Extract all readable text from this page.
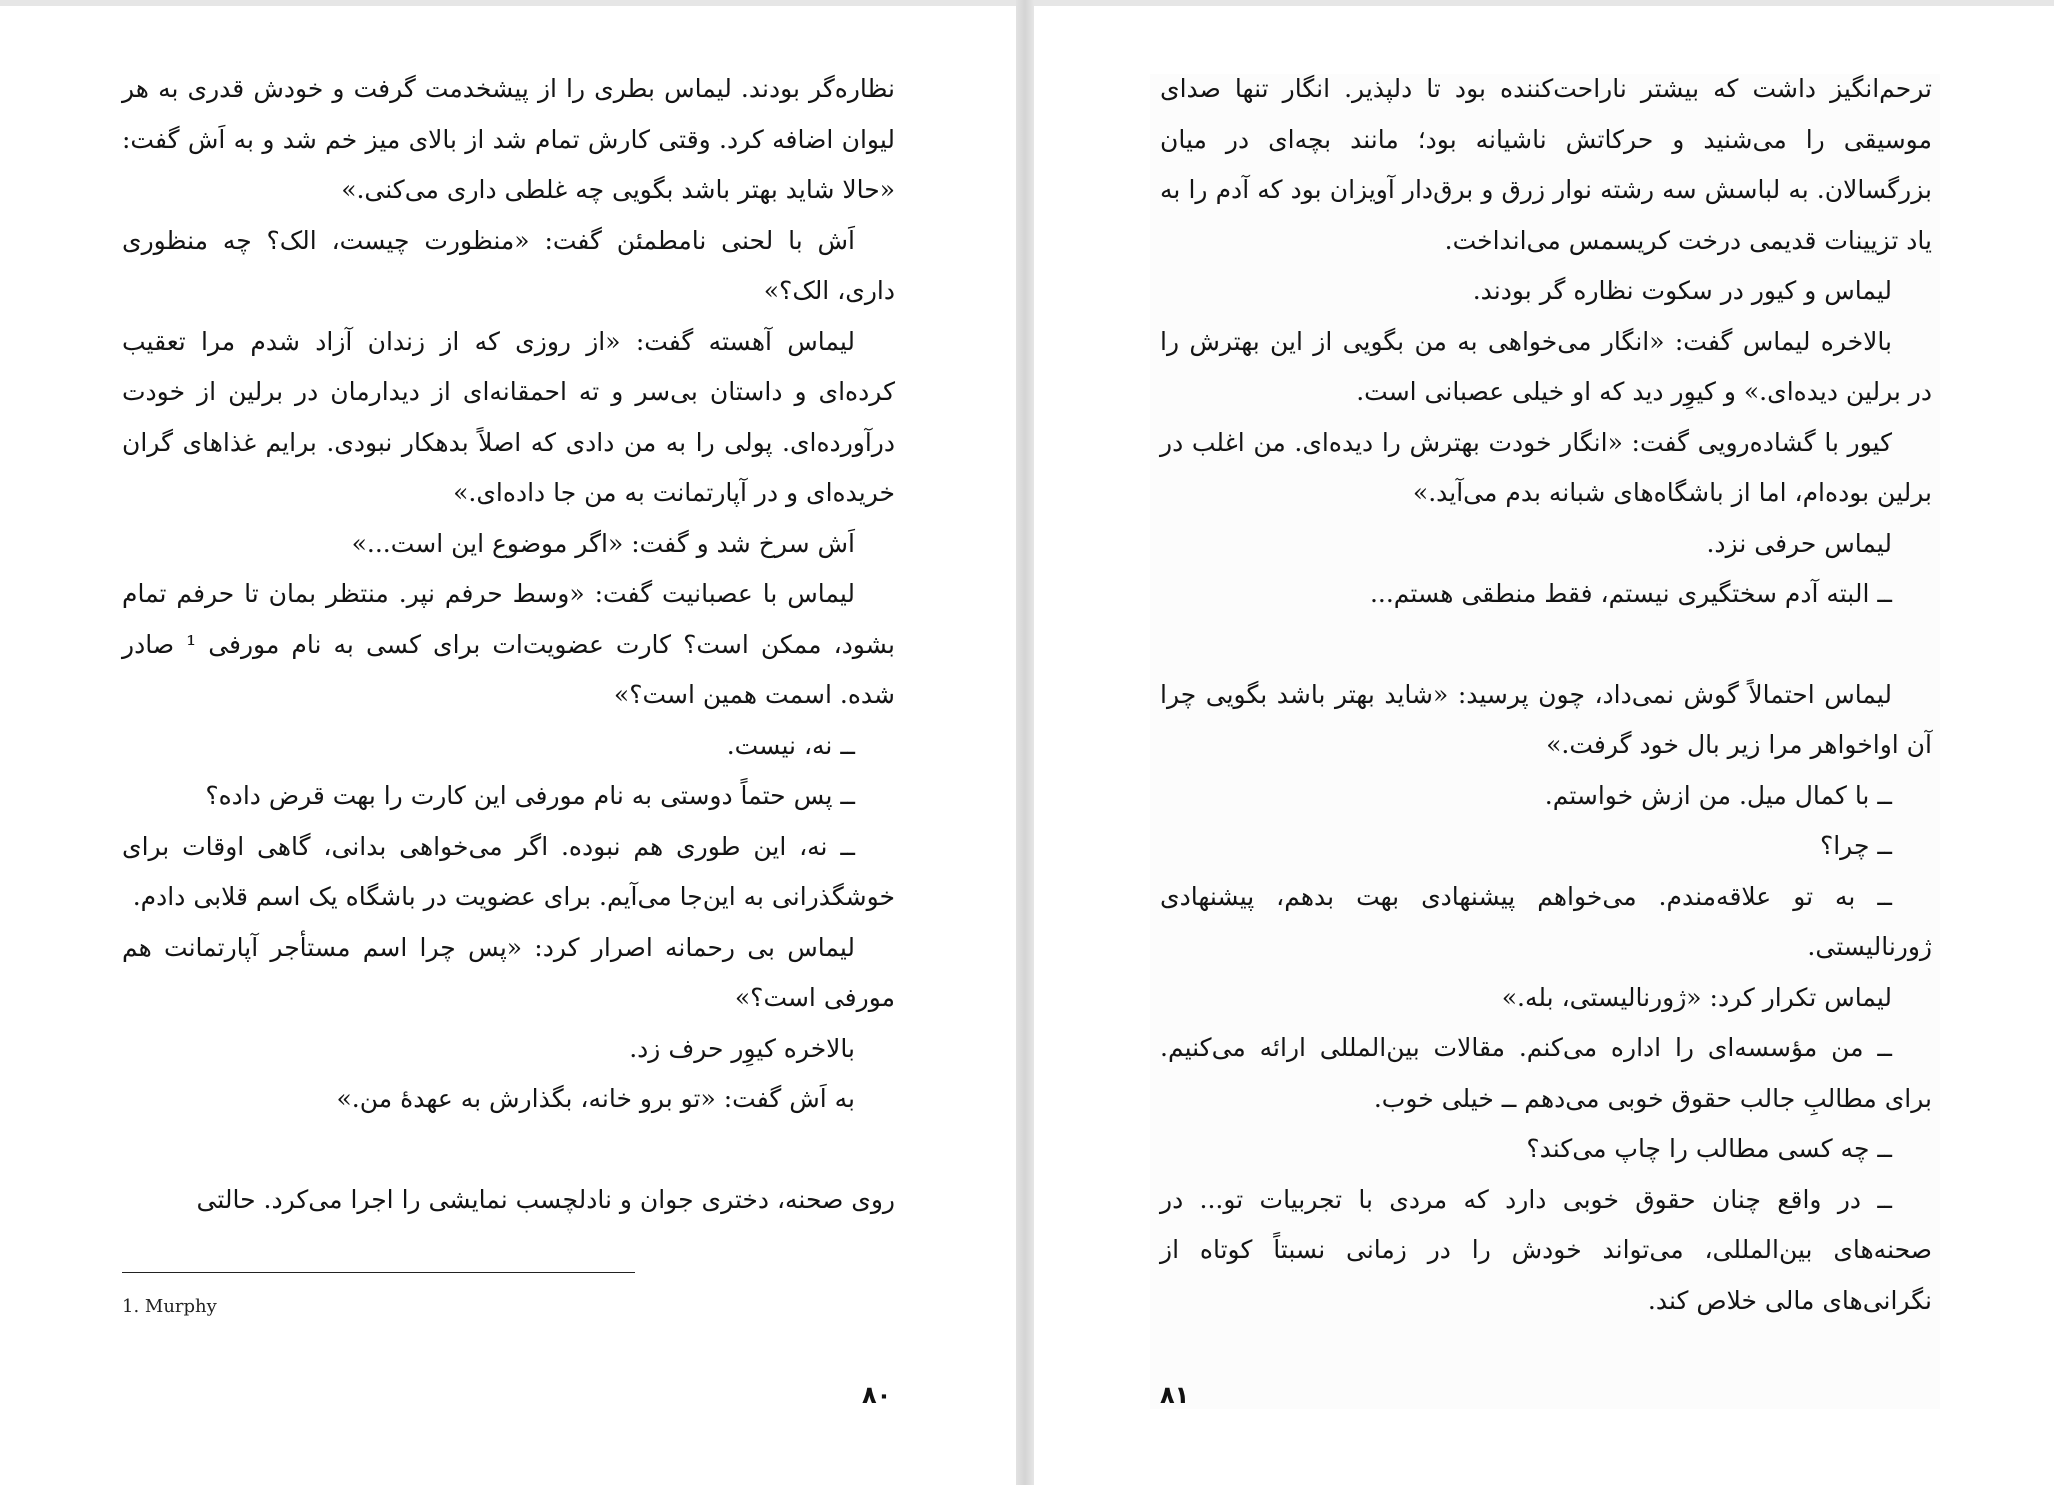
نظاره‌گر بودند. لیماس بطری را از پیشخدمت گرفت و خودش قدری به هر لیوان اضافه کرد. وقتی کارش تمام شد از بالای میز خم شد و به اَش گفت: «حالا شاید بهتر باشد بگویی چه غلطی داری می‌کنی.»

اَش با لحنی نامطمئن گفت: «منظورت چیست، الک؟ چه منظوری داری، الک؟»

لیماس آهسته گفت: «از روزی که از زندان آزاد شدم مرا تعقیب کرده‌ای و داستان بی‌سر و ته احمقانه‌ای از دیدارمان در برلین از خودت درآورده‌ای. پولی را به من دادی که اصلاً بدهکار نبودی. برایم غذاهای گران خریده‌ای و در آپارتمانت به من جا داده‌ای.»

اَش سرخ شد و گفت: «اگر موضوع این است...»

لیماس با عصبانیت گفت: «وسط حرفم نپر. منتظر بمان تا حرفم تمام بشود، ممکن است؟ کارت عضویت‌ات برای کسی به نام مورفی ¹ صادر شده. اسمت همین است؟»

ــ نه، نیست.

ــ پس حتماً دوستی به نام مورفی این کارت را بهت قرض داده؟

ــ نه، این طوری هم نبوده. اگر می‌خواهی بدانی، گاهی اوقات برای خوشگذرانی به این‌جا می‌آیم. برای عضویت در باشگاه یک اسم قلابی دادم.

لیماس بی رحمانه اصرار کرد: «پس چرا اسم مستأجر آپارتمانت هم مورفی است؟»

بالاخره کیوِر حرف زد.

به اَش گفت: «تو برو خانه، بگذارش به عهدهٔ من.»

روی صحنه، دختری جوان و نادلچسب نمایشی را اجرا می‌کرد. حالتی

1. Murphy
۸۰

ترحم‌انگیز داشت که بیشتر ناراحت‌کننده بود تا دلپذیر. انگار تنها صدای موسیقی را می‌شنید و حرکاتش ناشیانه بود؛ مانند بچه‌ای در میان بزرگسالان. به لباسش سه رشته نوار زرق و برق‌دار آویزان بود که آدم را به یاد تزیینات قدیمی درخت کریسمس می‌انداخت.

لیماس و کیور در سکوت نظاره گر بودند.

بالاخره لیماس گفت: «انگار می‌خواهی به من بگویی از این بهترش را در برلین دیده‌ای.» و کیوِر دید که او خیلی عصبانی است.

کیور با گشاده‌رویی گفت: «انگار خودت بهترش را دیده‌ای. من اغلب در برلین بوده‌ام، اما از باشگاه‌های شبانه بدم می‌آید.»

لیماس حرفی نزد.

ــ البته آدم سختگیری نیستم، فقط منطقی هستم...

لیماس احتمالاً گوش نمی‌داد، چون پرسید: «شاید بهتر باشد بگویی چرا آن اواخواهر مرا زیر بال خود گرفت.»

ــ با کمال میل. من ازش خواستم.

ــ چرا؟

ــ به تو علاقه‌مندم. می‌خواهم پیشنهادی بهت بدهم، پیشنهادی ژورنالیستی.

لیماس تکرار کرد: «ژورنالیستی، بله.»

ــ من مؤسسه‌ای را اداره می‌کنم. مقالات بین‌المللی ارائه می‌کنیم. برای مطالبِ جالب حقوق خوبی می‌دهم ــ خیلی خوب.

ــ چه کسی مطالب را چاپ می‌کند؟

ــ در واقع چنان حقوق خوبی دارد که مردی با تجربیات تو... در صحنه‌های بین‌المللی، می‌تواند خودش را در زمانی نسبتاً کوتاه از نگرانی‌های مالی خلاص کند.

۸۱
